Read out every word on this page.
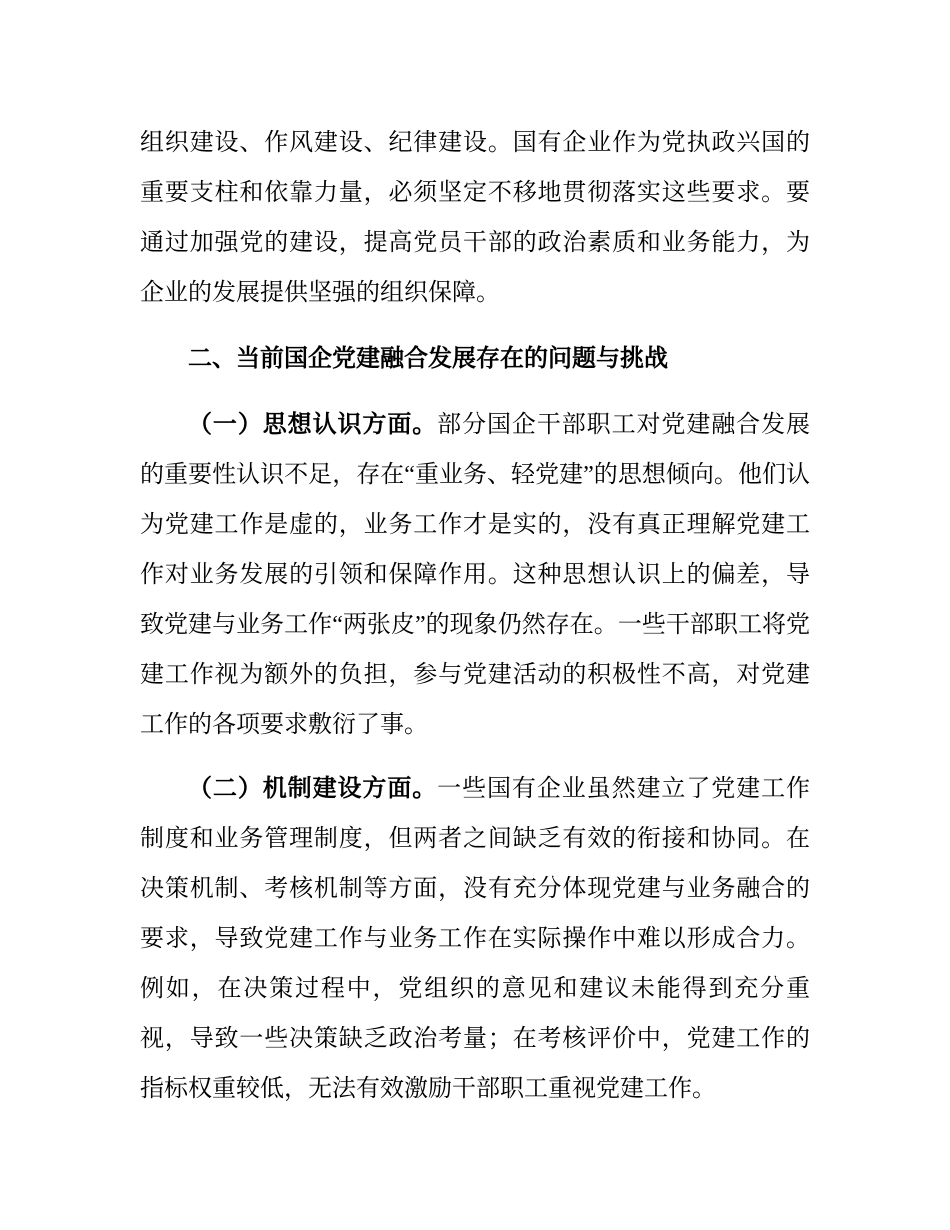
组织建设、作风建设、纪律建设。国有企业作为党执政兴国的重要支柱和依靠力量，必须坚定不移地贯彻落实这些要求。要通过加强党的建设，提高党员干部的政治素质和业务能力，为企业的发展提供坚强的组织保障。

二、当前国企党建融合发展存在的问题与挑战

（一）思想认识方面。部分国企干部职工对党建融合发展的重要性认识不足，存在“重业务、轻党建”的思想倾向。他们认为党建工作是虚的，业务工作才是实的，没有真正理解党建工作对业务发展的引领和保障作用。这种思想认识上的偏差，导致党建与业务工作“两张皮”的现象仍然存在。一些干部职工将党建工作视为额外的负担，参与党建活动的积极性不高，对党建工作的各项要求敷衍了事。

（二）机制建设方面。一些国有企业虽然建立了党建工作制度和业务管理制度，但两者之间缺乏有效的衔接和协同。在决策机制、考核机制等方面，没有充分体现党建与业务融合的要求，导致党建工作与业务工作在实际操作中难以形成合力。例如，在决策过程中，党组织的意见和建议未能得到充分重视，导致一些决策缺乏政治考量；在考核评价中，党建工作的指标权重较低，无法有效激励干部职工重视党建工作。
